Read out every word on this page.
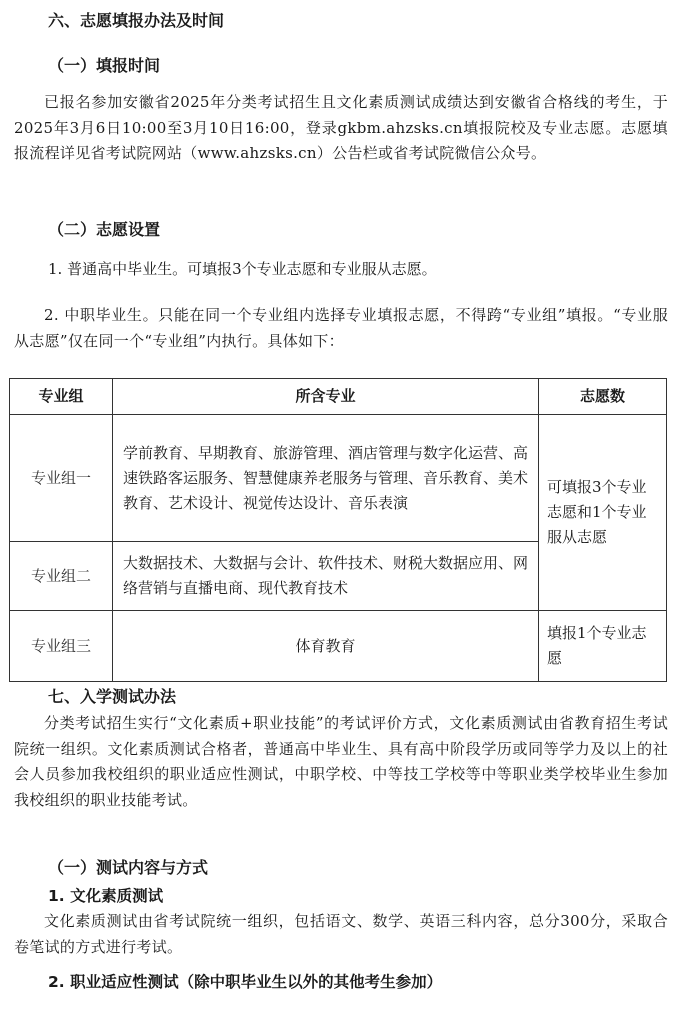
六、志愿填报办法及时间
（一）填报时间
已报名参加安徽省2025年分类考试招生且文化素质测试成绩达到安徽省合格线的考生，于2025年3月6日10:00至3月10日16:00，登录gkbm.ahzsks.cn填报院校及专业志愿。志愿填报流程详见省考试院网站（www.ahzsks.cn）公告栏或省考试院微信公众号。
（二）志愿设置
1. 普通高中毕业生。可填报3个专业志愿和专业服从志愿。
2. 中职毕业生。只能在同一个专业组内选择专业填报志愿，不得跨“专业组”填报。“专业服从志愿”仅在同一个“专业组”内执行。具体如下：
专业组	所含专业	志愿数
专业组一	学前教育、早期教育、旅游管理、酒店管理与数字化运营、高速铁路客运服务、智慧健康养老服务与管理、音乐教育、美术教育、艺术设计、视觉传达设计、音乐表演	可填报3个专业志愿和1个专业服从志愿
专业组二	大数据技术、大数据与会计、软件技术、财税大数据应用、网络营销与直播电商、现代教育技术	
专业组三	体育教育	填报1个专业志愿
七、入学测试办法
分类考试招生实行“文化素质+职业技能”的考试评价方式，文化素质测试由省教育招生考试院统一组织。文化素质测试合格者，普通高中毕业生、具有高中阶段学历或同等学力及以上的社会人员参加我校组织的职业适应性测试，中职学校、中等技工学校等中等职业类学校毕业生参加我校组织的职业技能考试。
（一）测试内容与方式
1. 文化素质测试
文化素质测试由省考试院统一组织，包括语文、数学、英语三科内容，总分300分，采取合卷笔试的方式进行考试。
2. 职业适应性测试（除中职毕业生以外的其他考生参加）
